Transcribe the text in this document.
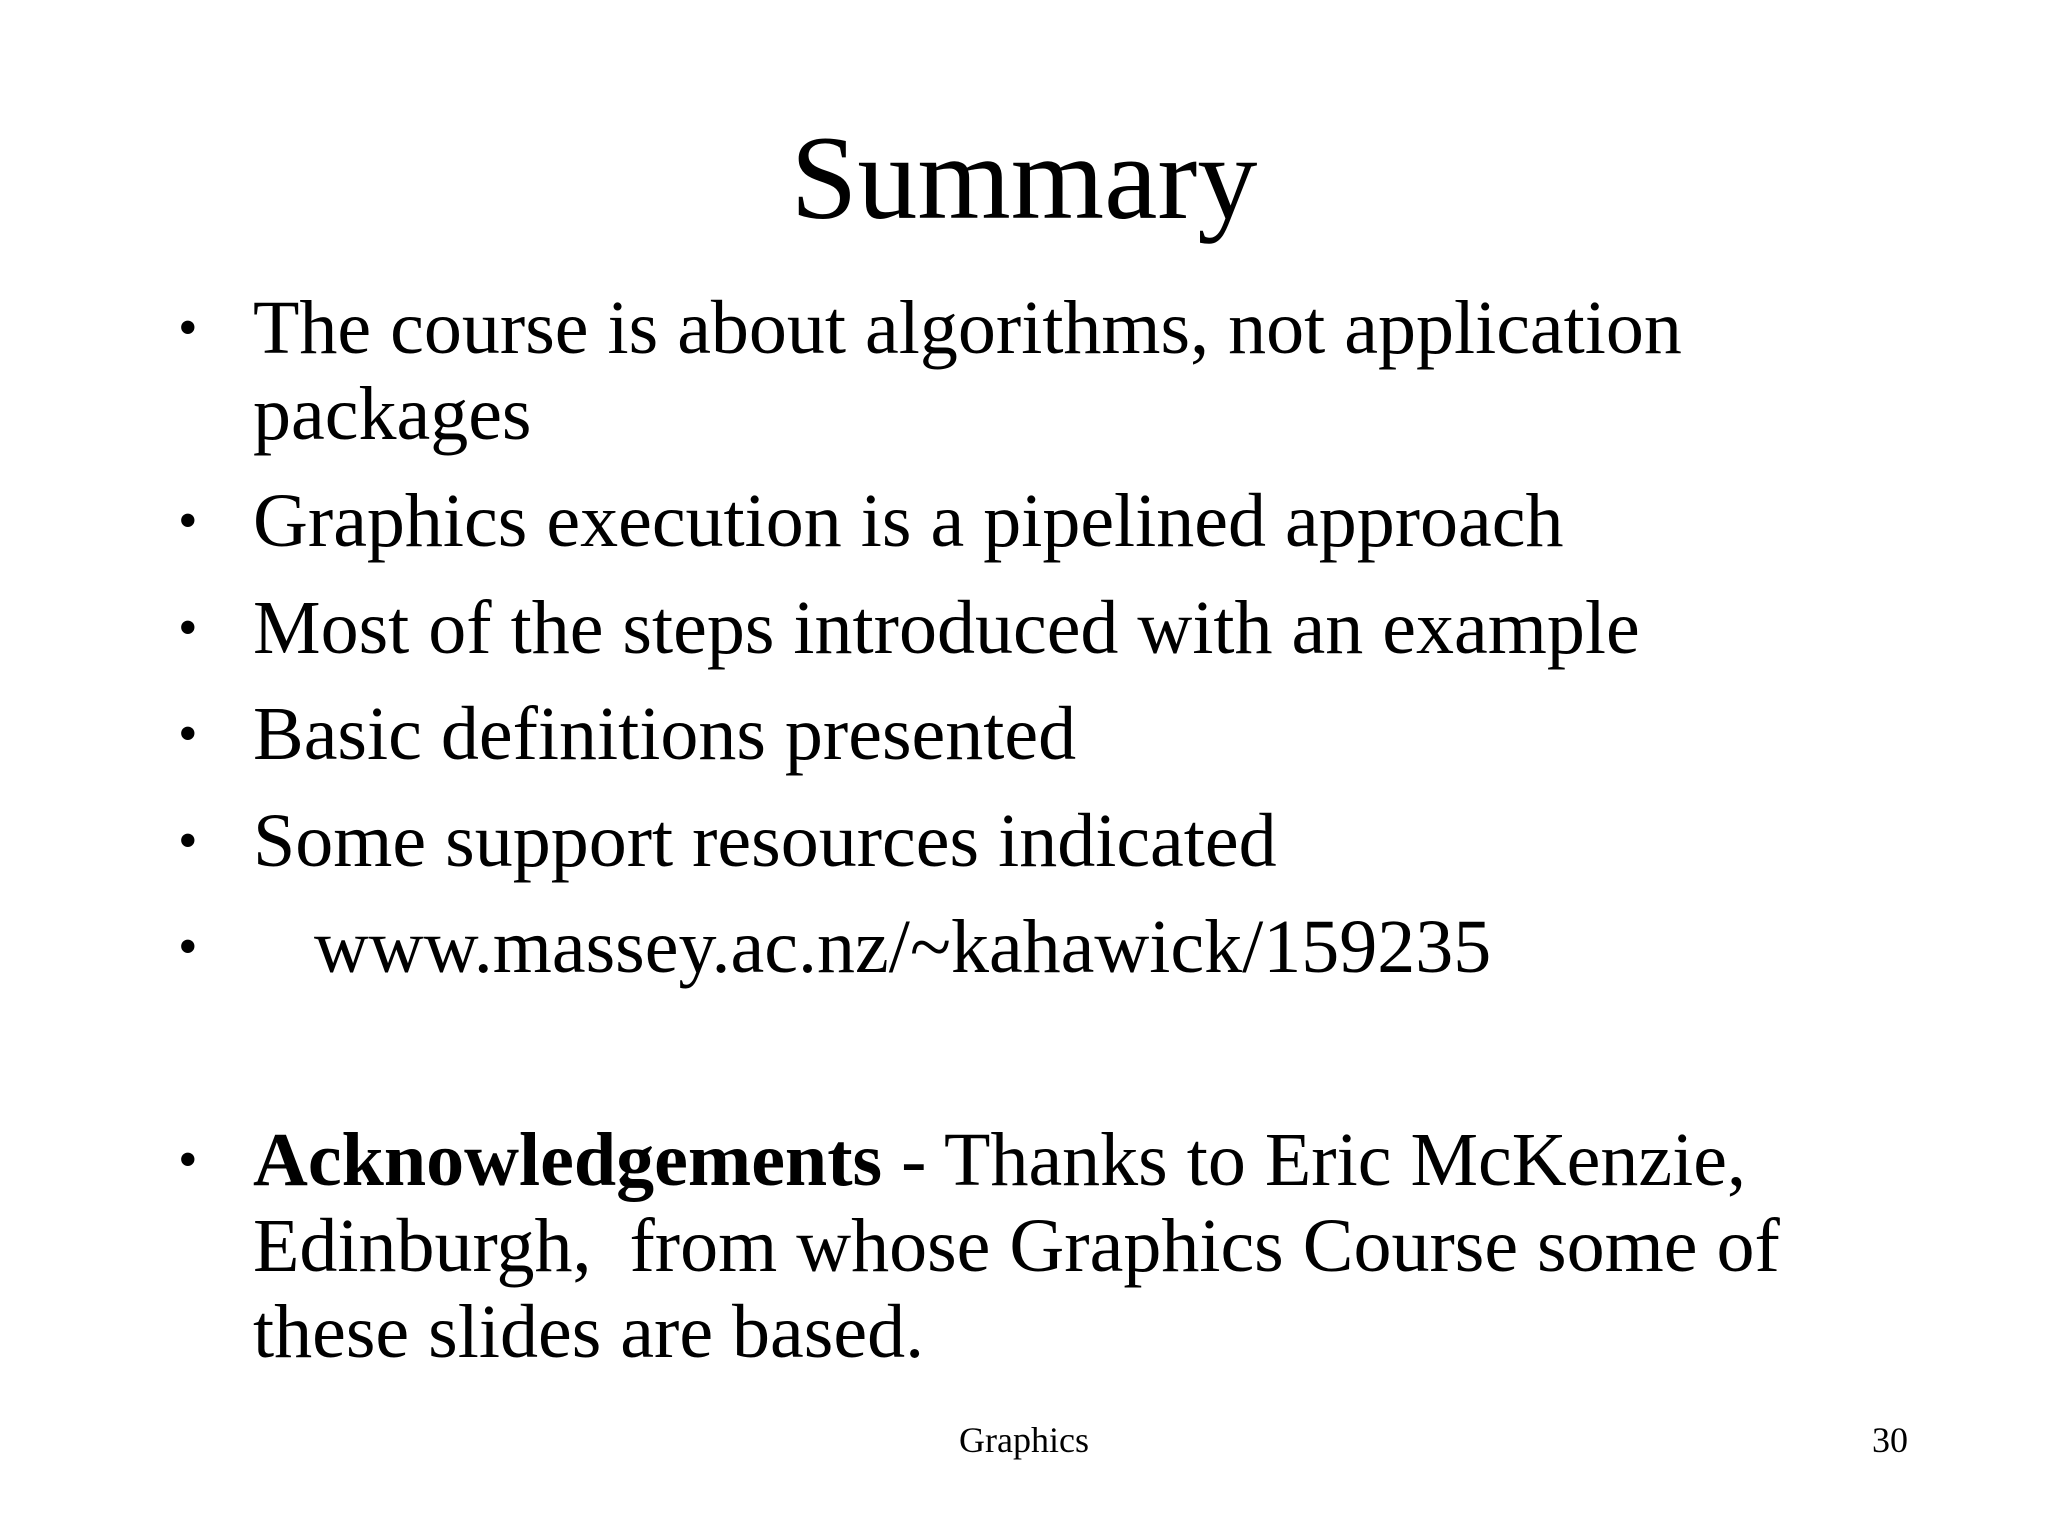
Summary
• The course is about algorithms, not application
packages
• Graphics execution is a pipelined approach
• Most of the steps introduced with an example
• Basic definitions presented
• Some support resources indicated
• www.massey.ac.nz/~kahawick/159235
• Acknowledgements - Thanks to Eric McKenzie,
Edinburgh,  from whose Graphics Course some of
these slides are based.
Graphics	30
